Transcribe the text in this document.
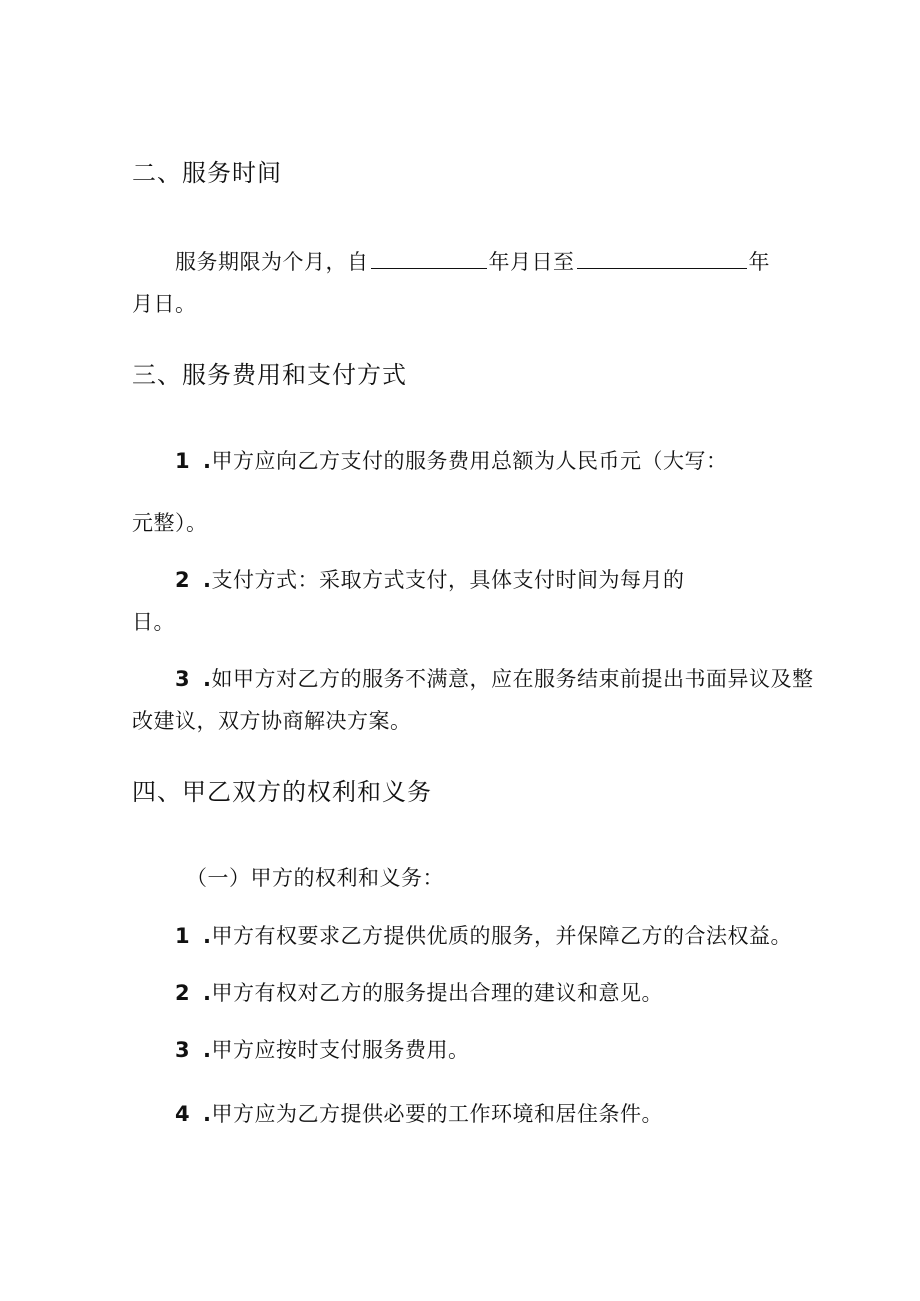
二、服务时间
服务期限为个月，自	年月日至	年
月日。
三、服务费用和支付方式
1 .甲方应向乙方支付的服务费用总额为人民币元（大写：
元整）。
2 .支付方式：采取方式支付，具体支付时间为每月的
日。
3 .如甲方对乙方的服务不满意，应在服务结束前提出书面异议及整
改建议，双方协商解决方案。
四、甲乙双方的权利和义务
（一）甲方的权利和义务：
1 .甲方有权要求乙方提供优质的服务，并保障乙方的合法权益。
2 .甲方有权对乙方的服务提出合理的建议和意见。
3 .甲方应按时支付服务费用。
4 .甲方应为乙方提供必要的工作环境和居住条件。
